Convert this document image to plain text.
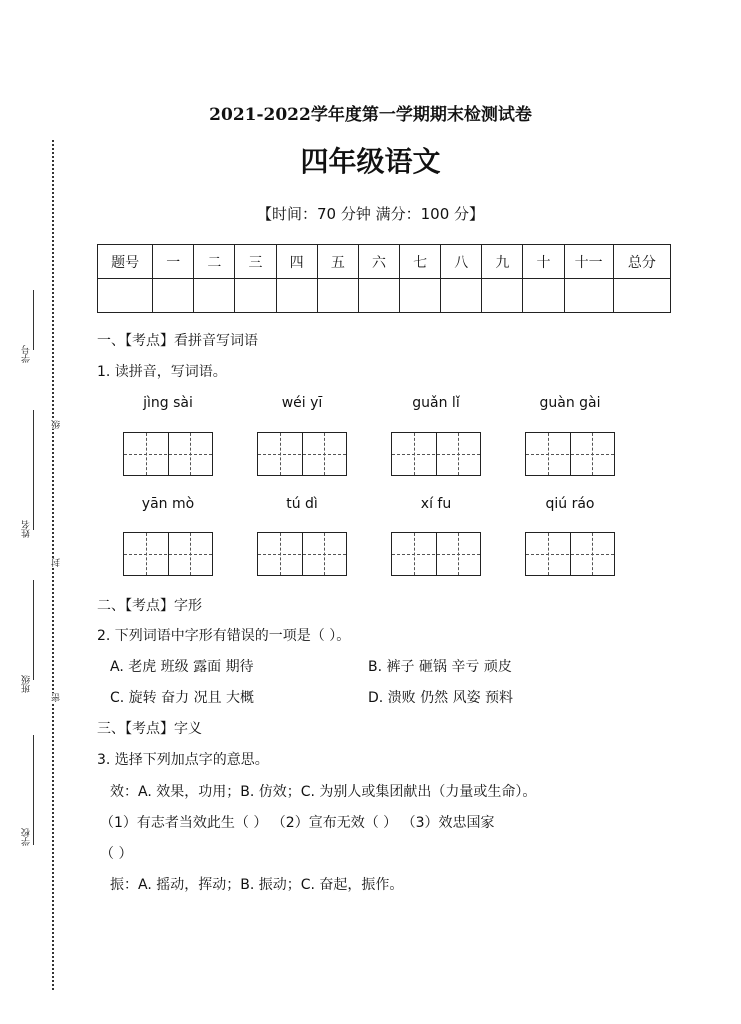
学号
姓名
班级
学校
级
封
密
2021-2022学年度第一学期期末检测试卷
四年级语文
【时间：70 分钟 满分：100 分】
题号	一	二	三	四	五	六	七	八	九	十	十一	总分

一、【考点】看拼音写词语
1. 读拼音，写词语。
jìng sài	wéi yī	guǎn lǐ	guàn gài
yān mò	tú dì	xí fu	qiú ráo
二、【考点】字形
2. 下列词语中字形有错误的一项是（ ）。
A. 老虎 班级 露面 期待	B. 裤子 砸锅 辛亏 顽皮
C. 旋转 奋力 况且 大概	D. 溃败 仍然 风姿 预料
三、【考点】字义
3. 选择下列加点字的意思。
效：A. 效果，功用；B. 仿效；C. 为别人或集团献出（力量或生命）。
（1）有志者当效此生（ ） （2）宣布无效（ ） （3）效忠国家
（ ）
振：A. 摇动，挥动；B. 振动；C. 奋起，振作。
